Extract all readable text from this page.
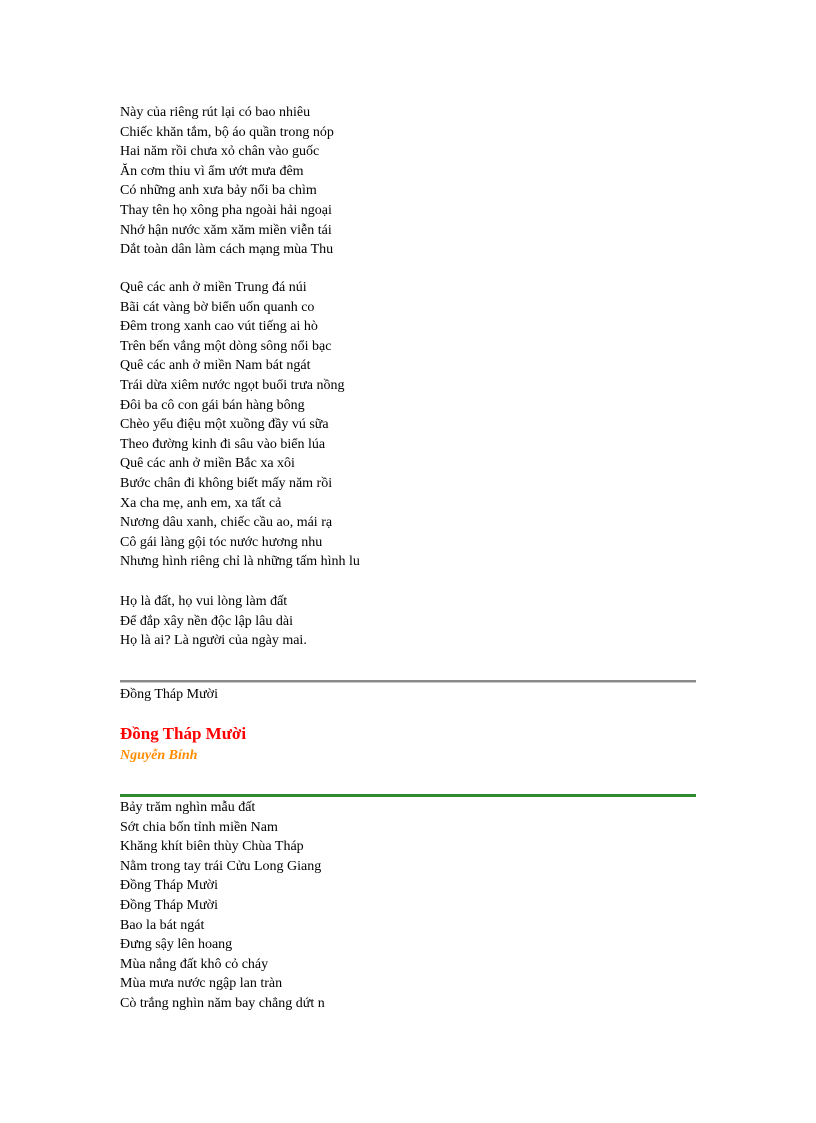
Này của riêng rút lại có bao nhiêu
Chiếc khăn tắm, bộ áo quần trong nóp
Hai năm rồi chưa xỏ chân vào guốc
Ăn cơm thiu vì ẩm ướt mưa đêm
Có những anh xưa bảy nổi ba chìm
Thay tên họ xông pha ngoài hải ngoại
Nhớ hận nước xăm xăm miền viễn tái
Dắt toàn dân làm cách mạng mùa Thu
Quê các anh ở miền Trung đá núi
Bãi cát vàng bờ biển uốn quanh co
Đêm trong xanh cao vút tiếng ai hò
Trên bến vắng một dòng sông nổi bạc
Quê các anh ở miền Nam bát ngát
Trái dừa xiêm nước ngọt buổi trưa nồng
Đôi ba cô con gái bán hàng bông
Chèo yểu điệu một xuồng đầy vú sữa
Theo đường kinh đi sâu vào biển lúa
Quê các anh ở miền Bắc xa xôi
Bước chân đi không biết mấy năm rồi
Xa cha mẹ, anh em, xa tất cả
Nương dâu xanh, chiếc cầu ao, mái rạ
Cô gái làng gội tóc nước hương nhu
Nhưng hình riêng chỉ là những tấm hình lu
Họ là đất, họ vui lòng làm đất
Để đắp xây nền độc lập lâu dài
Họ là ai? Là người của ngày mai.
Đồng Tháp Mười
Đồng Tháp Mười
Nguyễn Bính
Bảy trăm nghìn mẫu đất
Sớt chia bốn tỉnh miền Nam
Khăng khít biên thùy Chùa Tháp
Nằm trong tay trái Cửu Long Giang
Đồng Tháp Mười
Đồng Tháp Mười
Bao la bát ngát
Đưng sậy lên hoang
Mùa nắng đất khô cỏ cháy
Mùa mưa nước ngập lan tràn
Cò trắng nghìn năm bay chẳng dứt n
